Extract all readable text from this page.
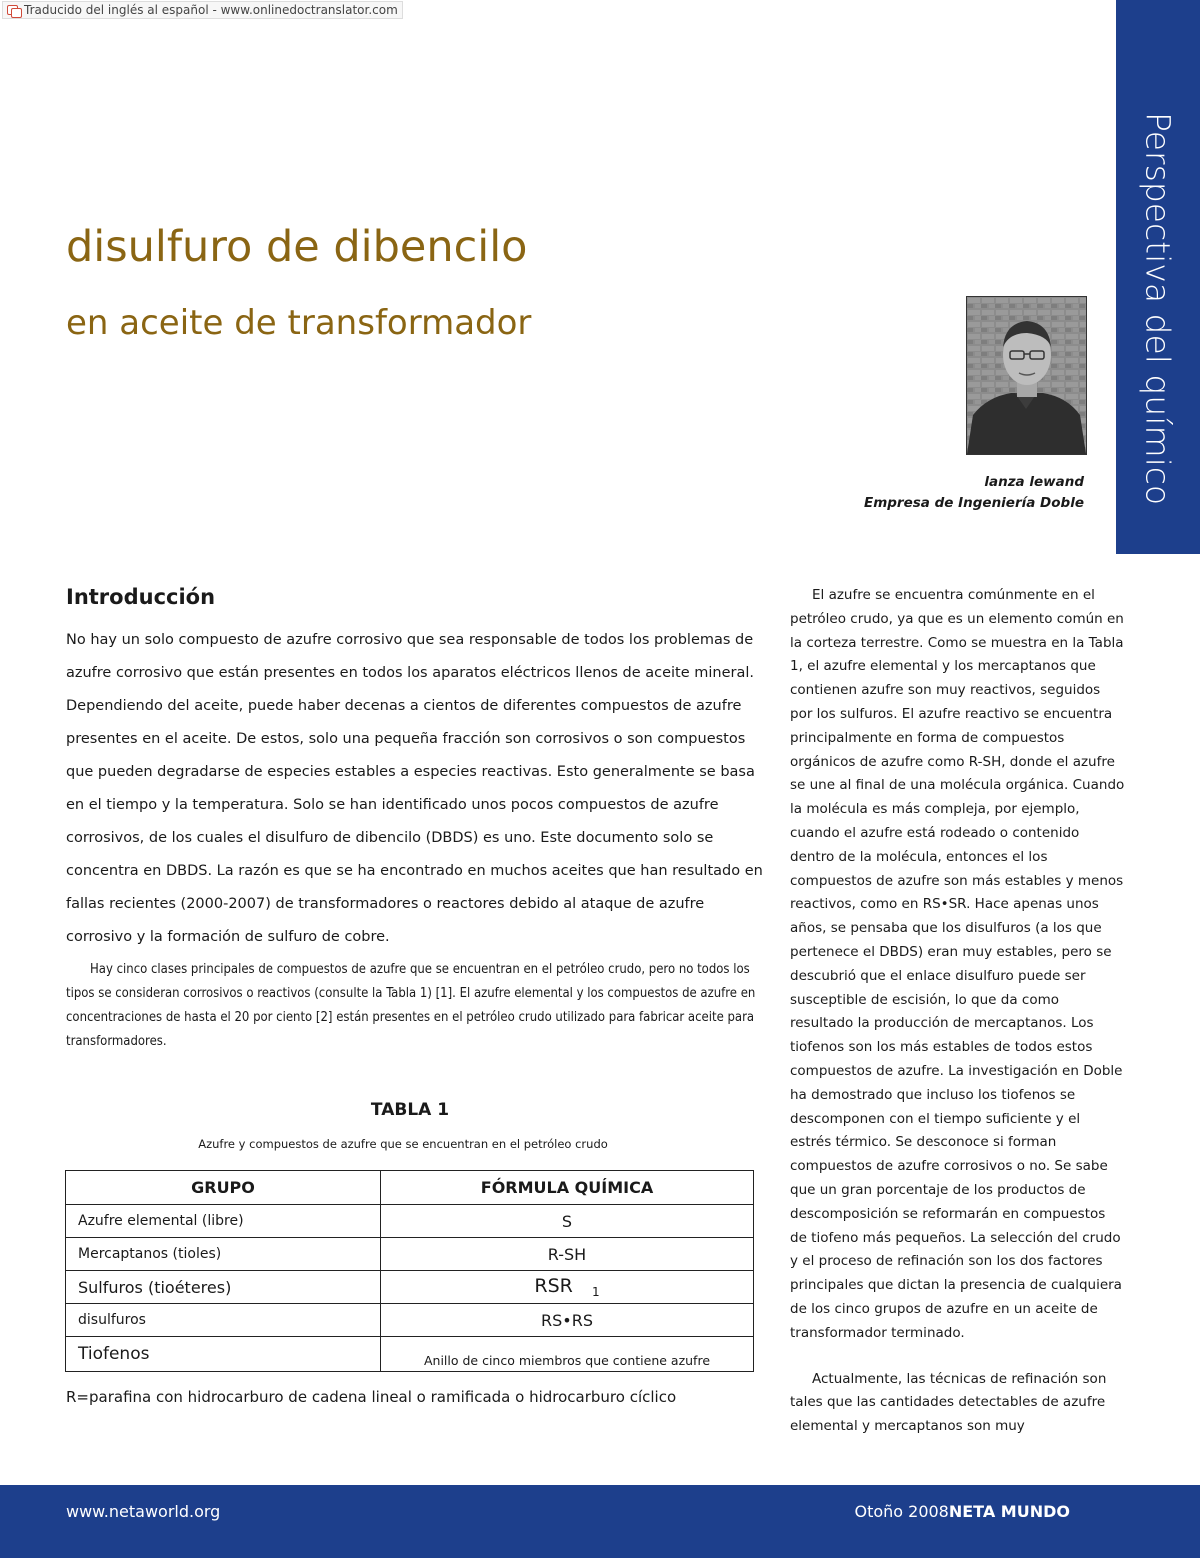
Traducido del inglés al español - www.onlinedoctranslator.com
Perspectiva del químico
disulfuro de dibencilo
en aceite de transformador
lanza lewand
Empresa de Ingeniería Doble
Introducción
No hay un solo compuesto de azufre corrosivo que sea responsable de todos los problemas de azufre corrosivo que están presentes en todos los aparatos eléctricos llenos de aceite mineral. Dependiendo del aceite, puede haber decenas a cientos de diferentes compuestos de azufre presentes en el aceite. De estos, solo una pequeña fracción son corrosivos o son compuestos que pueden degradarse de especies estables a especies reactivas. Esto generalmente se basa en el tiempo y la temperatura. Solo se han identificado unos pocos compuestos de azufre corrosivos, de los cuales el disulfuro de dibencilo (DBDS) es uno. Este documento solo se concentra en DBDS. La razón es que se ha encontrado en muchos aceites que han resultado en fallas recientes (2000-2007) de transformadores o reactores debido al ataque de azufre corrosivo y la formación de sulfuro de cobre.
Hay cinco clases principales de compuestos de azufre que se encuentran en el petróleo crudo, pero no todos los tipos se consideran corrosivos o reactivos (consulte la Tabla 1) [1]. El azufre elemental y los compuestos de azufre en concentraciones de hasta el 20 por ciento [2] están presentes en el petróleo crudo utilizado para fabricar aceite para transformadores.
TABLA 1
Azufre y compuestos de azufre que se encuentran en el petróleo crudo
GRUPO	FÓRMULA QUÍMICA
Azufre elemental (libre)	S
Mercaptanos (tioles)	R-SH
Sulfuros (tioéteres)	RSR $_1$
disulfuros	RS•RS
Tiofenos	Anillo de cinco miembros que contiene azufre
R=parafina con hidrocarburo de cadena lineal o ramificada o hidrocarburo cíclico

El azufre se encuentra comúnmente en el petróleo crudo, ya que es un elemento común en la corteza terrestre. Como se muestra en la Tabla 1, el azufre elemental y los mercaptanos que contienen azufre son muy reactivos, seguidos por los sulfuros. El azufre reactivo se encuentra principalmente en forma de compuestos orgánicos de azufre como R-SH, donde el azufre se une al final de una molécula orgánica. Cuando la molécula es más compleja, por ejemplo, cuando el azufre está rodeado o contenido dentro de la molécula, entonces el los compuestos de azufre son más estables y menos reactivos, como en RS•SR. Hace apenas unos años, se pensaba que los disulfuros (a los que pertenece el DBDS) eran muy estables, pero se descubrió que el enlace disulfuro puede ser susceptible de escisión, lo que da como resultado la producción de mercaptanos. Los tiofenos son los más estables de todos estos compuestos de azufre. La investigación en Doble ha demostrado que incluso los tiofenos se descomponen con el tiempo suficiente y el estrés térmico. Se desconoce si forman compuestos de azufre corrosivos o no. Se sabe que un gran porcentaje de los productos de descomposición se reformarán en compuestos de tiofeno más pequeños. La selección del crudo y el proceso de refinación son los dos factores principales que dictan la presencia de cualquiera de los cinco grupos de azufre en un aceite de transformador terminado.

Actualmente, las técnicas de refinación son tales que las cantidades detectables de azufre elemental y mercaptanos son muy

www.netaworld.org	Otoño 2008NETA MUNDO
